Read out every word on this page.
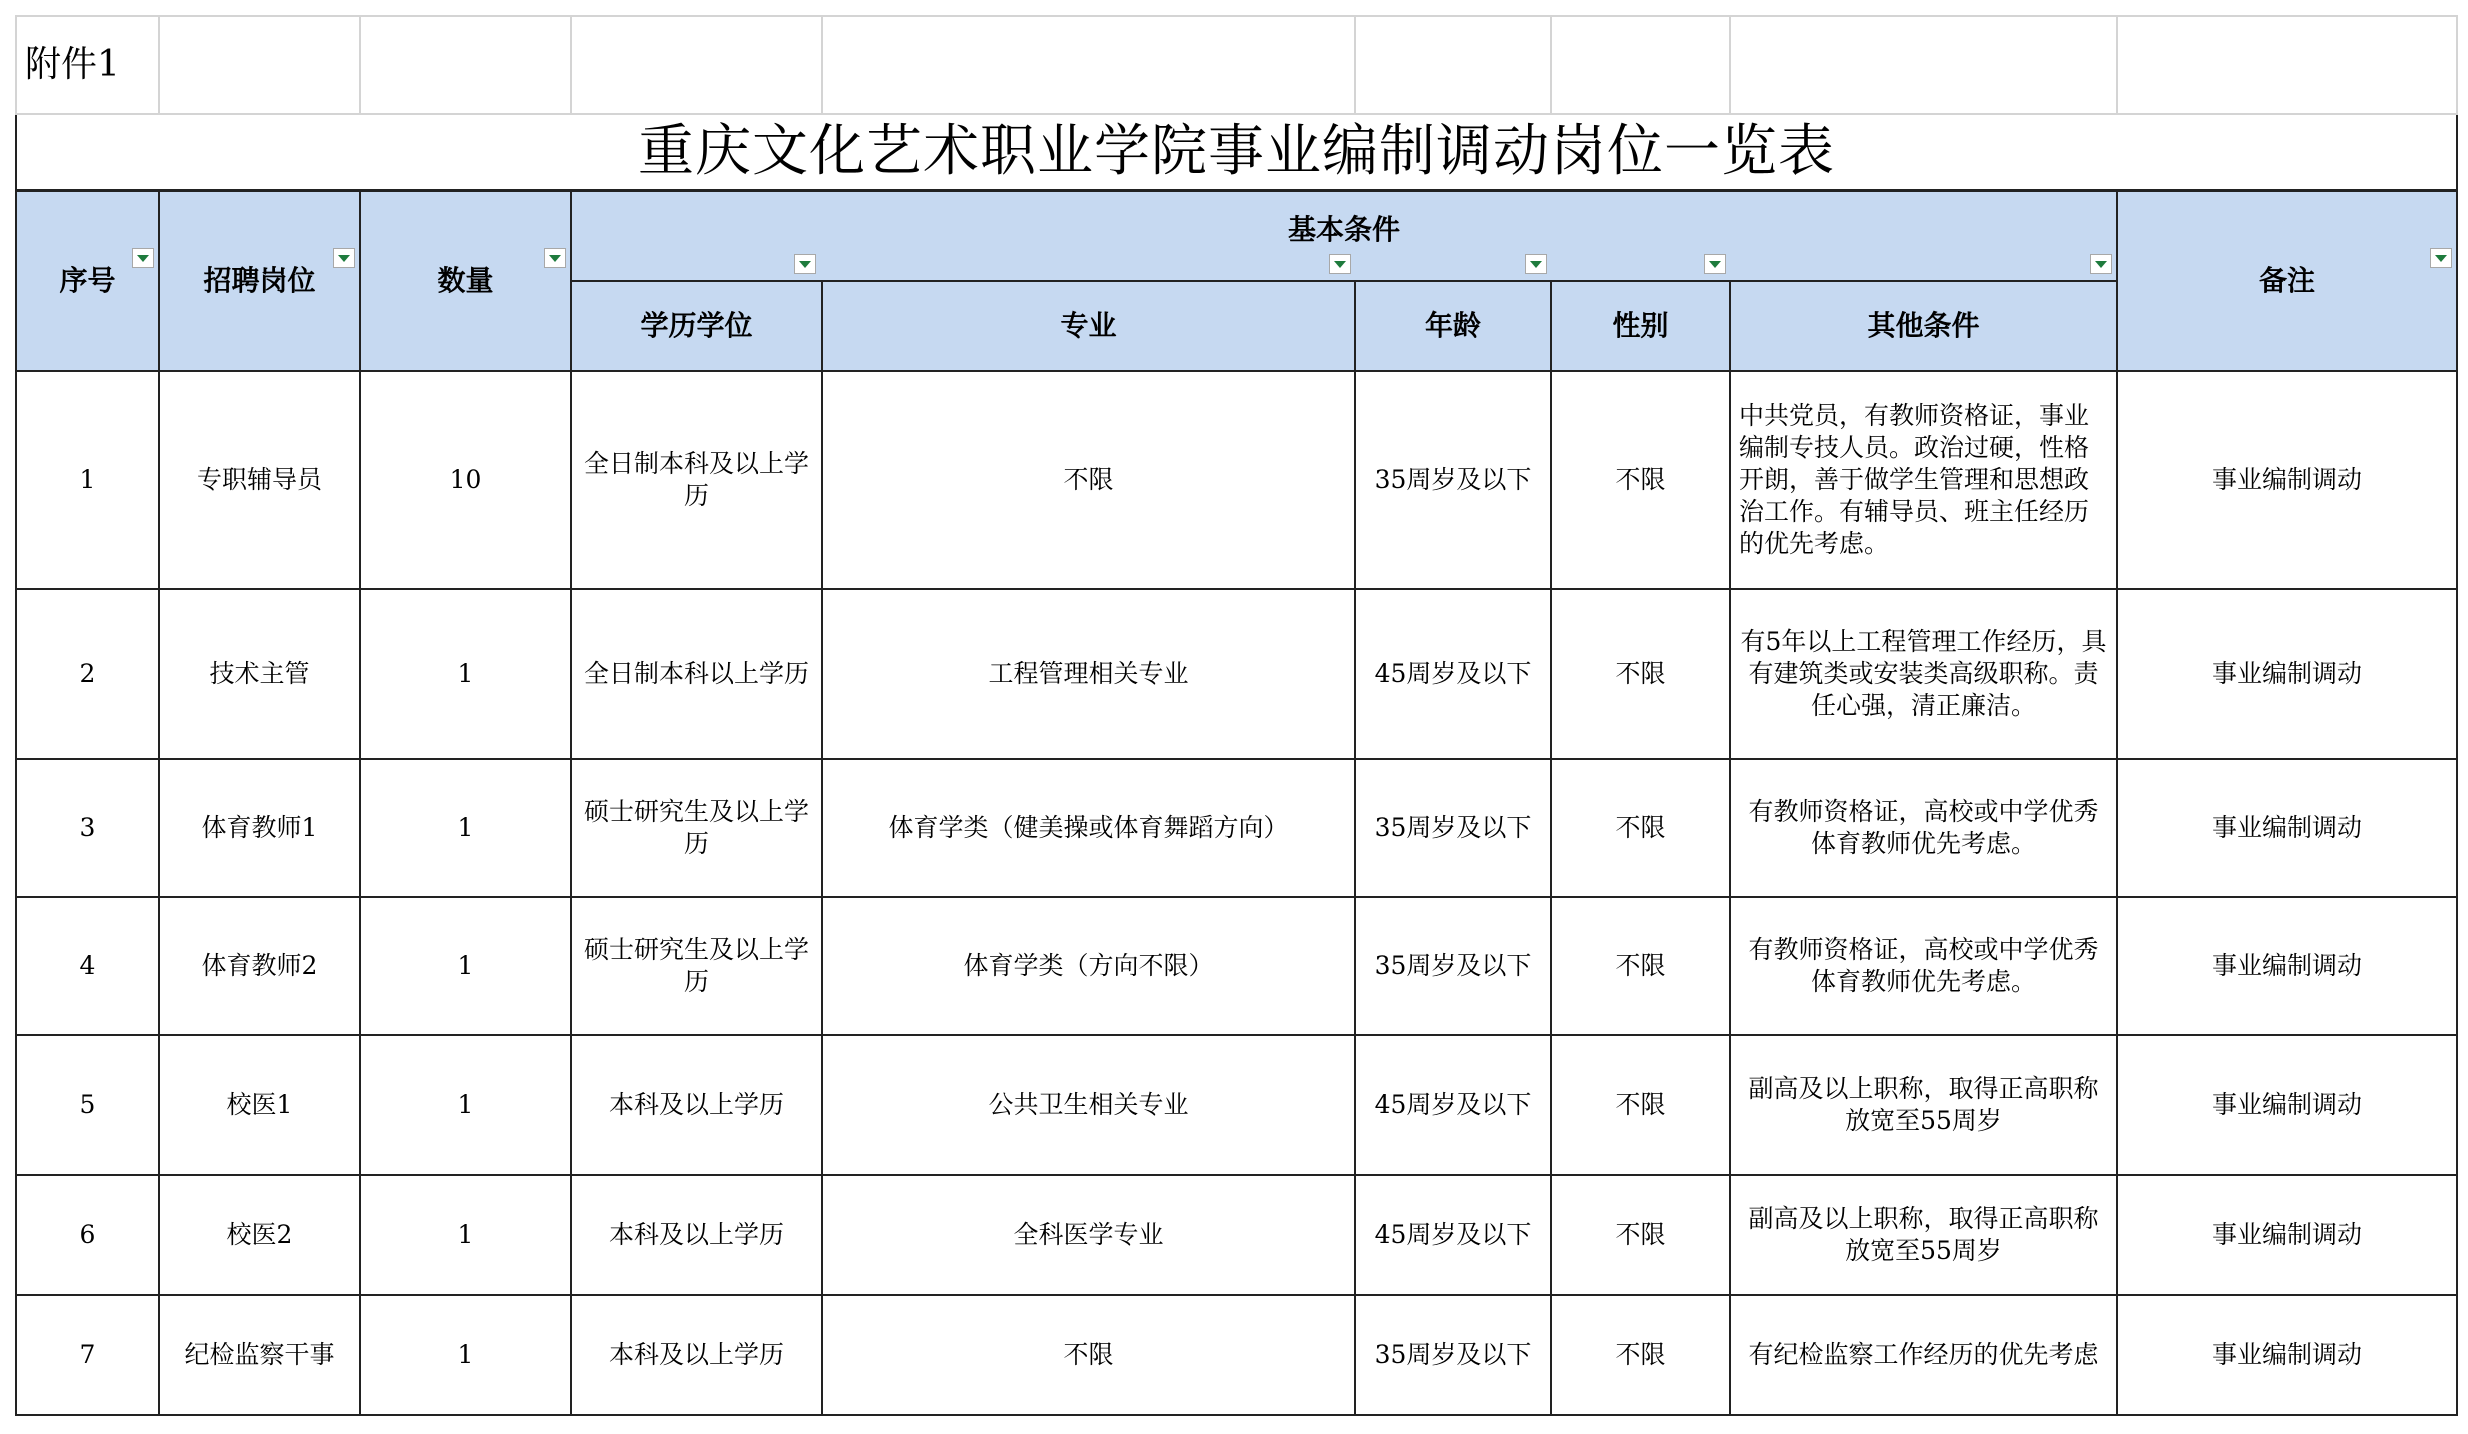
附件1								
重庆文化艺术职业学院事业编制调动岗位一览表								
序号	招聘岗位	数量	基本条件					备注

			学历学位	专业	年龄	性别	其他条件	
1	专职辅导员	10	全日制本科及以上学历	不限	35周岁及以下	不限	中共党员，有教师资格证，事业编制专技人员。政治过硬，性格开朗，善于做学生管理和思想政治工作。有辅导员、班主任经历的优先考虑。	事业编制调动
2	技术主管	1	全日制本科以上学历	工程管理相关专业	45周岁及以下	不限	有5年以上工程管理工作经历，具有建筑类或安装类高级职称。责任心强，清正廉洁。	事业编制调动
3	体育教师1	1	硕士研究生及以上学历	体育学类（健美操或体育舞蹈方向）	35周岁及以下	不限	有教师资格证，高校或中学优秀体育教师优先考虑。	事业编制调动
4	体育教师2	1	硕士研究生及以上学历	体育学类（方向不限）	35周岁及以下	不限	有教师资格证，高校或中学优秀体育教师优先考虑。	事业编制调动
5	校医1	1	本科及以上学历	公共卫生相关专业	45周岁及以下	不限	副高及以上职称，取得正高职称放宽至55周岁	事业编制调动
6	校医2	1	本科及以上学历	全科医学专业	45周岁及以下	不限	副高及以上职称，取得正高职称放宽至55周岁	事业编制调动
7	纪检监察干事	1	本科及以上学历	不限	35周岁及以下	不限	有纪检监察工作经历的优先考虑	事业编制调动
